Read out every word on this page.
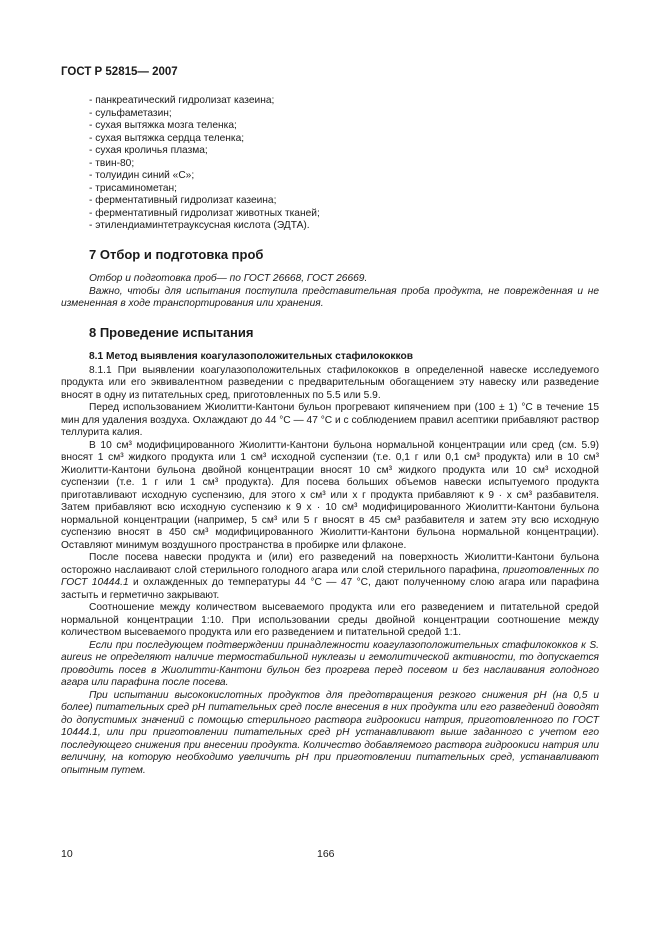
ГОСТ Р 52815— 2007
- панкреатический гидролизат казеина;
- сульфаметазин;
- сухая вытяжка мозга теленка;
- сухая вытяжка сердца теленка;
- сухая кроличья плазма;
- твин-80;
- толуидин синий «С»;
- трисаминометан;
- ферментативный гидролизат казеина;
- ферментативный гидролизат животных тканей;
- этилендиаминтетрауксусная кислота (ЭДТА).
7 Отбор и подготовка проб

Отбор и подготовка проб— по ГОСТ 26668, ГОСТ 26669.

Важно, чтобы для испытания поступила представительная проба продукта, не поврежденная и не измененная в ходе транспортирования или хранения.

8 Проведение испытания
8.1 Метод выявления коагулазоположительных стафилококков

8.1.1 При выявлении коагулазоположительных стафилококков в определенной навеске исследуемого продукта или его эквивалентном разведении с предварительным обогащением эту навеску или разведение вносят в одну из питательных сред, приготовленных по 5.5 или 5.9.

Перед использованием Жиолитти-Кантони бульон прогревают кипячением при (100 ± 1) °С в течение 15 мин для удаления воздуха. Охлаждают до 44 °С — 47 °С и с соблюдением правил асептики прибавляют раствор теллурита калия.

В 10 см³ модифицированного Жиолитти-Кантони бульона нормальной концентрации или сред (см. 5.9) вносят 1 см³ жидкого продукта или 1 см³ исходной суспензии (т.е. 0,1 г или 0,1 см³ продукта) или в 10 см³ Жиолитти-Кантони бульона двойной концентрации вносят 10 см³ жидкого продукта или 10 см³ исходной суспензии (т.е. 1 г или 1 см³ продукта). Для посева больших объемов навески испытуемого продукта приготавливают исходную суспензию, для этого x см³ или x г продукта прибавляют к 9 · x см³ разбавителя. Затем прибавляют всю исходную суспензию к 9 x · 10 см³ модифицированного Жиолитти-Кантони бульона нормальной концентрации (например, 5 см³ или 5 г вносят в 45 см³ разбавителя и затем эту всю исходную суспензию вносят в 450 см³ модифицированного Жиолитти-Кантони бульона нормальной концентрации). Оставляют минимум воздушного пространства в пробирке или флаконе.

После посева навески продукта и (или) его разведений на поверхность Жиолитти-Кантони бульона осторожно наслаивают слой стерильного голодного агара или слой стерильного парафина, приготовленных по ГОСТ 10444.1 и охлажденных до температуры 44 °С — 47 °С, дают полученному слою агара или парафина застыть и герметично закрывают.

Соотношение между количеством высеваемого продукта или его разведением и питательной средой нормальной концентрации 1:10. При использовании среды двойной концентрации соотношение между количеством высеваемого продукта или его разведением и питательной средой 1:1.

Если при последующем подтверждении принадлежности коагулазоположительных стафилококков к S. aureus не определяют наличие термостабильной нуклеазы и гемолитической активности, то допускается проводить посев в Жиолитти-Кантони бульон без прогрева перед посевом и без наслаивания голодного агара или парафина после посева.

При испытании высококислотных продуктов для предотвращения резкого снижения pH (на 0,5 и более) питательных сред pH питательных сред после внесения в них продукта или его разведений доводят до допустимых значений с помощью стерильного раствора гидроокиси натрия, приготовленного по ГОСТ 10444.1, или при приготовлении питательных сред pH устанавливают выше заданного с учетом его последующего снижения при внесении продукта. Количество добавляемого раствора гидроокиси натрия или величину, на которую необходимо увеличить pH при приготовлении питательных сред, устанавливают опытным путем.

10	166
